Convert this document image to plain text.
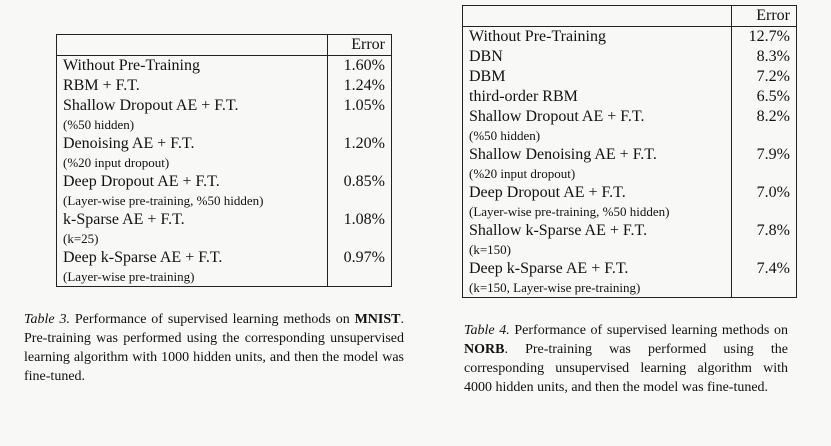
	Error
Without Pre-Training	1.60%
RBM + F.T.	1.24%
Shallow Dropout AE + F.T.	1.05%
(%50 hidden)	
Denoising AE + F.T.	1.20%
(%20 input dropout)	
Deep Dropout AE + F.T.	0.85%
(Layer-wise pre-training, %50 hidden)	
k-Sparse AE + F.T.	1.08%
(k=25)	
Deep k-Sparse AE + F.T.	0.97%
(Layer-wise pre-training)	
	Error
Without Pre-Training	12.7%
DBN	8.3%
DBM	7.2%
third-order RBM	6.5%
Shallow Dropout AE + F.T.	8.2%
(%50 hidden)	
Shallow Denoising AE + F.T.	7.9%
(%20 input dropout)	
Deep Dropout AE + F.T.	7.0%
(Layer-wise pre-training, %50 hidden)	
Shallow k-Sparse AE + F.T.	7.8%
(k=150)	
Deep k-Sparse AE + F.T.	7.4%
(k=150, Layer-wise pre-training)	
Table 3. Performance of supervised learning methods on MNIST. Pre-training was performed using the corresponding unsupervised learning algorithm with 1000 hidden units, and then the model was fine-tuned.
Table 4. Performance of supervised learning methods on NORB. Pre-training was performed using the corresponding unsupervised learning algorithm with 4000 hidden units, and then the model was fine-tuned.
